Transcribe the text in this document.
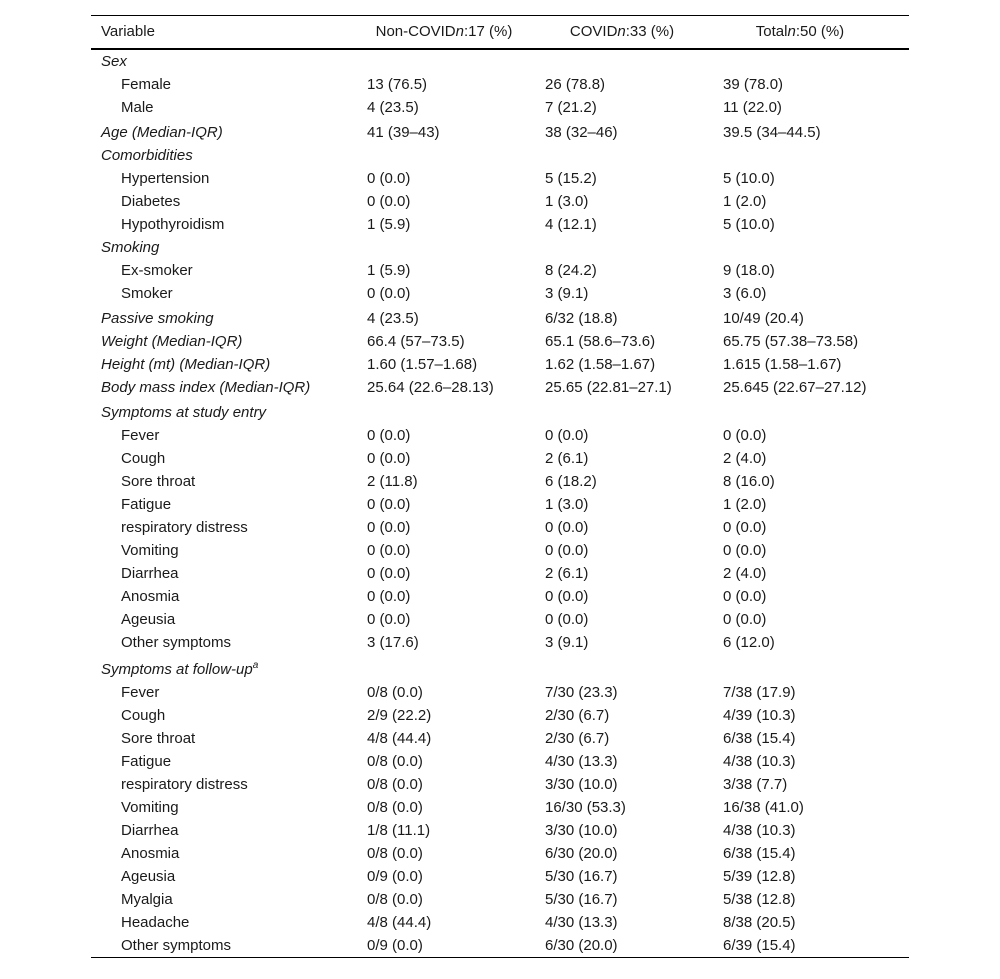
Variable	Non-COVIDn:17 (%)	COVIDn:33 (%)	Totaln:50 (%)
Sex
Female	13 (76.5)	26 (78.8)	39 (78.0)
Male	4 (23.5)	7 (21.2)	11 (22.0)
Age (Median-IQR)	41 (39–43)	38 (32–46)	39.5 (34–44.5)
Comorbidities
Hypertension	0 (0.0)	5 (15.2)	5 (10.0)
Diabetes	0 (0.0)	1 (3.0)	1 (2.0)
Hypothyroidism	1 (5.9)	4 (12.1)	5 (10.0)
Smoking
Ex-smoker	1 (5.9)	8 (24.2)	9 (18.0)
Smoker	0 (0.0)	3 (9.1)	3 (6.0)
Passive smoking	4 (23.5)	6/32 (18.8)	10/49 (20.4)
Weight (Median-IQR)	66.4 (57–73.5)	65.1 (58.6–73.6)	65.75 (57.38–73.58)
Height (mt) (Median-IQR)	1.60 (1.57–1.68)	1.62 (1.58–1.67)	1.615 (1.58–1.67)
Body mass index (Median-IQR)	25.64 (22.6–28.13)	25.65 (22.81–27.1)	25.645 (22.67–27.12)
Symptoms at study entry
Fever	0 (0.0)	0 (0.0)	0 (0.0)
Cough	0 (0.0)	2 (6.1)	2 (4.0)
Sore throat	2 (11.8)	6 (18.2)	8 (16.0)
Fatigue	0 (0.0)	1 (3.0)	1 (2.0)
respiratory distress	0 (0.0)	0 (0.0)	0 (0.0)
Vomiting	0 (0.0)	0 (0.0)	0 (0.0)
Diarrhea	0 (0.0)	2 (6.1)	2 (4.0)
Anosmia	0 (0.0)	0 (0.0)	0 (0.0)
Ageusia	0 (0.0)	0 (0.0)	0 (0.0)
Other symptoms	3 (17.6)	3 (9.1)	6 (12.0)
Symptoms at follow-$up^a$
Fever	0/8 (0.0)	7/30 (23.3)	7/38 (17.9)
Cough	2/9 (22.2)	2/30 (6.7)	4/39 (10.3)
Sore throat	4/8 (44.4)	2/30 (6.7)	6/38 (15.4)
Fatigue	0/8 (0.0)	4/30 (13.3)	4/38 (10.3)
respiratory distress	0/8 (0.0)	3/30 (10.0)	3/38 (7.7)
Vomiting	0/8 (0.0)	16/30 (53.3)	16/38 (41.0)
Diarrhea	1/8 (11.1)	3/30 (10.0)	4/38 (10.3)
Anosmia	0/8 (0.0)	6/30 (20.0)	6/38 (15.4)
Ageusia	0/9 (0.0)	5/30 (16.7)	5/39 (12.8)
Myalgia	0/8 (0.0)	5/30 (16.7)	5/38 (12.8)
Headache	4/8 (44.4)	4/30 (13.3)	8/38 (20.5)
Other symptoms	0/9 (0.0)	6/30 (20.0)	6/39 (15.4)
